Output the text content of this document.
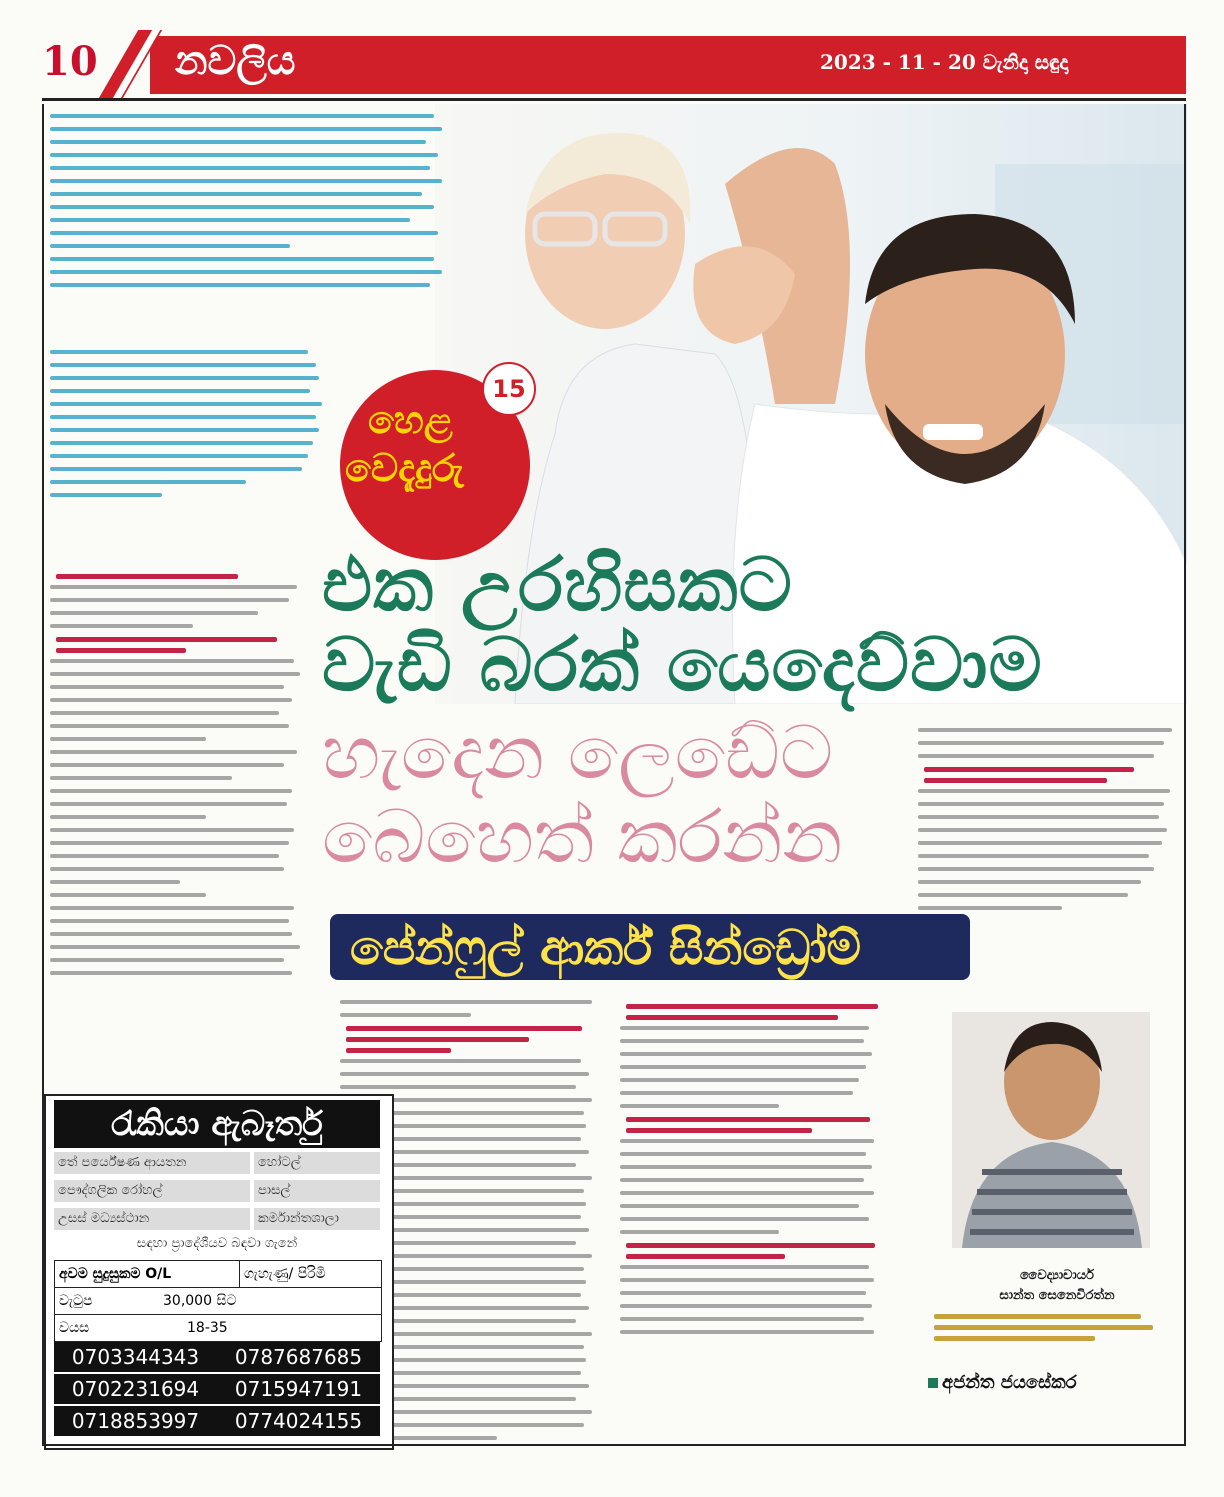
10 නවලිය	2023 - 11 - 20 වැනිදා සඳුදා
හෙළ
වෙදැදුරු
15
එක උරහිසකට
වැඩි බරක් යෙදෙව්වාම
හැදෙන ලෙඩේට
බෙහෙත් කරන්න
පේන්ෆුල් ආර්ක් සින්ඩ්‍රෝම්
රැකියා ඇබෑර්තු
තේ පර්යේෂණ ආයතන	හෝටල්
පෞද්ගලික රෝහල්	පාසල්
උසස් මධ්‍යස්ථාන	කර්මාන්තශාලා
සඳහා ප්‍රාදේශීයව බඳවා ගැනේ
අවම සුදුසුකම O/L	ගැහැණු/ පිරිමි
වැටුප	30,000 සිට
වයස	18-35
0703344343 0787687685
0702231694 0715947191
0718853997 0774024155
වෛද්‍යාචාර්ය
සාන්ත සෙනෙවිරත්න
අජන්ත ජයසේකර
